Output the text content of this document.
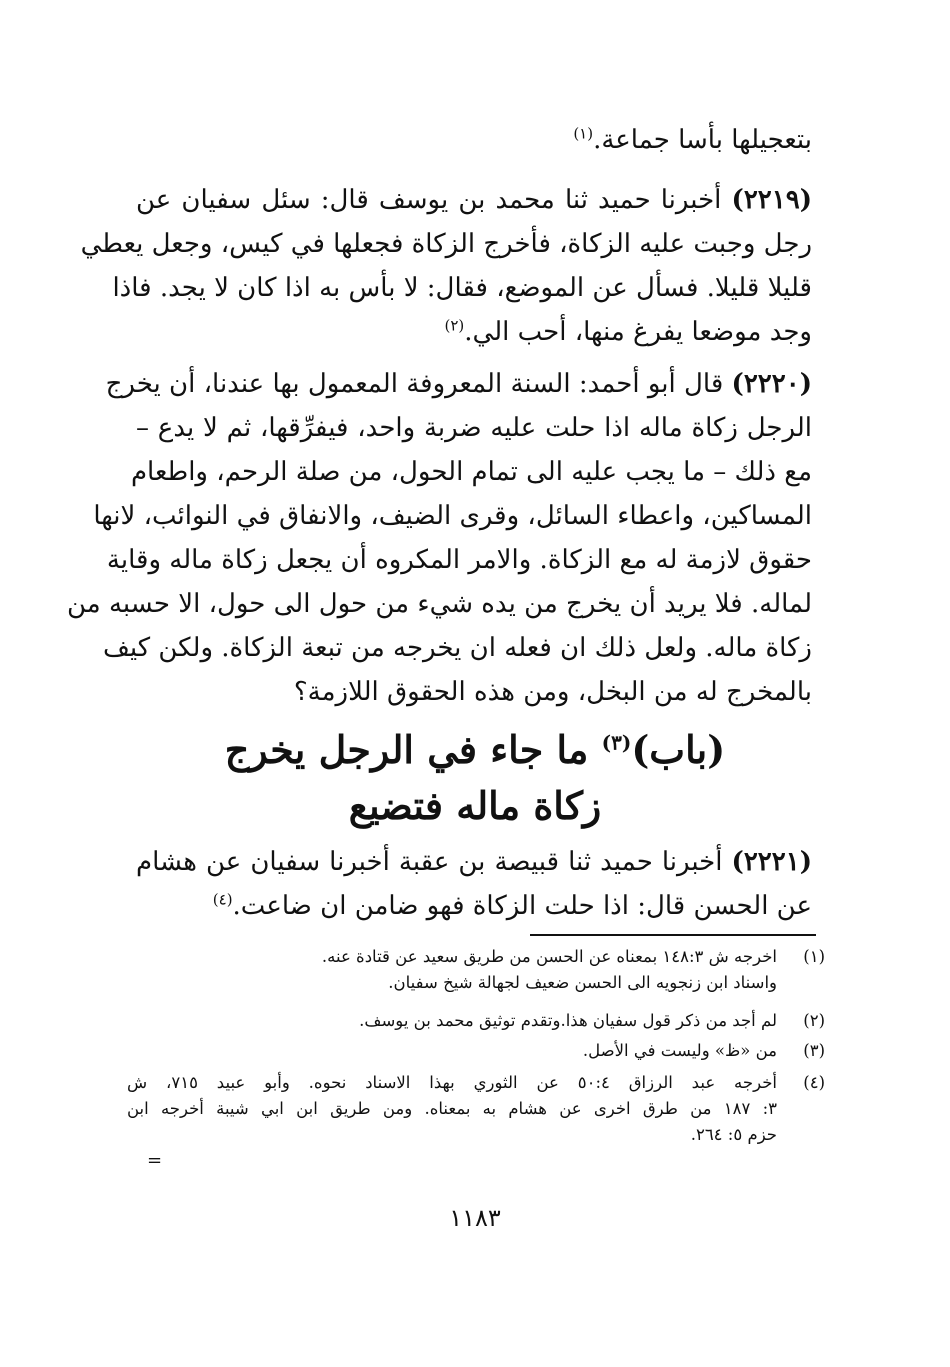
بتعجيلها بأسا جماعة.$^{(١)}$
(٢٢١٩) أخبرنا حميد ثنا محمد بن يوسف قال: سئل سفيان عن
رجل وجبت عليه الزكاة، فأخرج الزكاة فجعلها في كيس، وجعل يعطي
قليلا قليلا. فسأل عن الموضع، فقال: لا بأس به اذا كان لا يجد. فاذا
وجد موضعا يفرغ منها، أحب الي.$^{(٢)}$
(٢٢٢٠) قال أبو أحمد: السنة المعروفة المعمول بها عندنا، أن يخرج
الرجل زكاة ماله اذا حلت عليه ضربة واحد، فيفرِّقها، ثم لا يدع –
مع ذلك – ما يجب عليه الى تمام الحول، من صلة الرحم، واطعام
المساكين، واعطاء السائل، وقرى الضيف، والانفاق في النوائب، لانها
حقوق لازمة له مع الزكاة. والامر المكروه أن يجعل زكاة ماله وقاية
لماله. فلا يريد أن يخرج من يده شيء من حول الى حول، الا حسبه من
زكاة ماله. ولعل ذلك ان فعله ان يخرجه من تبعة الزكاة. ولكن كيف
بالمخرج له من البخل، ومن هذه الحقوق اللازمة؟
(باب)$^{(٣)}$ ما جاء في الرجل يخرج
زكاة ماله فتضيع
(٢٢٢١) أخبرنا حميد ثنا قبيصة بن عقبة أخبرنا سفيان عن هشام
عن الحسن قال: اذا حلت الزكاة فهو ضامن ان ضاعت.$^{(٤)}$
(١)
اخرجه ش ١٤٨:٣ بمعناه عن الحسن من طريق سعيد عن قتادة عنه.
واسناد ابن زنجويه الى الحسن ضعيف لجهالة شيخ سفيان.
(٢)
لم أجد من ذكر قول سفيان هذا.وتقدم توثيق محمد بن يوسف.
(٣)
من «ظ» وليست في الأصل.
(٤)
أخرجه عبد الرزاق ٥٠:٤ عن الثوري بهذا الاسناد نحوه. وأبو عبيد ٧١٥، ش
٣: ١٨٧ من طرق اخرى عن هشام به بمعناه. ومن طريق ابن ابي شيبة أخرجه ابن
حزم ٥: ٢٦٤.
=
١١٨٣
